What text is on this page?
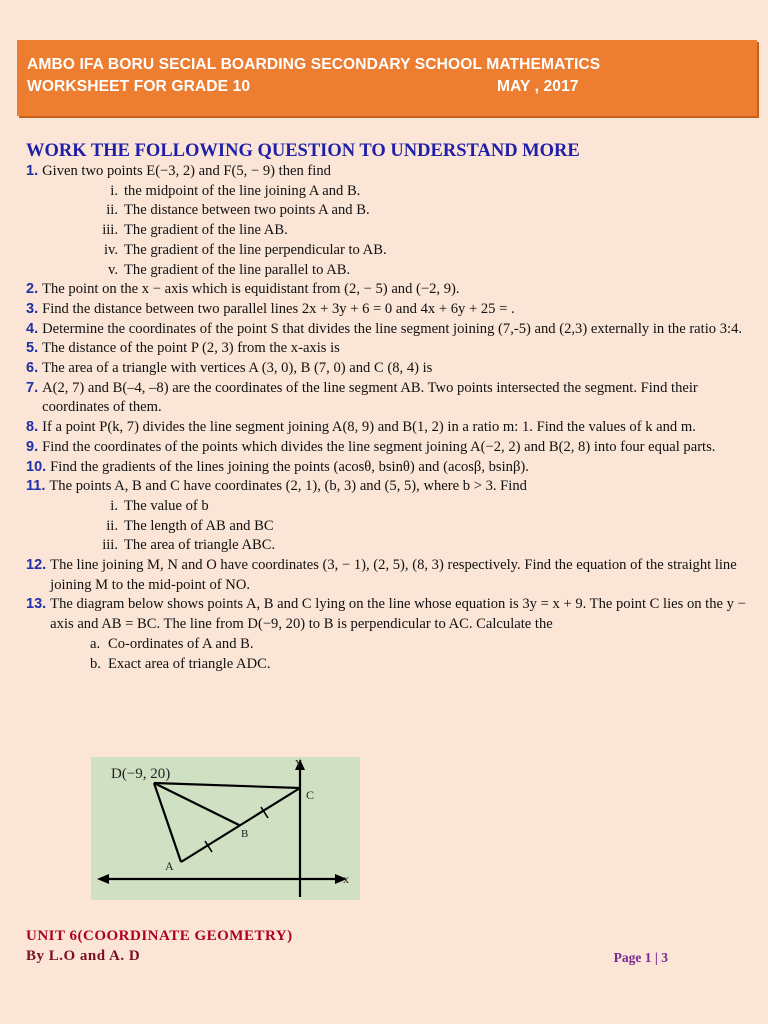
AMBO IFA BORU SECIAL BOARDING SECONDARY SCHOOL MATHEMATICS
WORKSHEET FOR GRADE 10	MAY , 2017
WORK THE FOLLOWING QUESTION TO UNDERSTAND MORE
1. Given two points E(−3, 2) and F(5, − 9) then find
i. the midpoint of the line joining A and B.
ii. The distance between two points A and B.
iii. The gradient of the line AB.
iv. The gradient of the line perpendicular to AB.
v. The gradient of the line parallel to AB.
2. The point on the x − axis which is equidistant from (2, − 5) and (−2, 9).
3. Find the distance between two parallel lines 2x + 3y + 6 = 0 and 4x + 6y + 25 = .
4. Determine the coordinates of the point S that divides the line segment joining (7,-5) and (2,3) externally in the ratio 3:4.
5. The distance of the point P (2, 3) from the x-axis is
6. The area of a triangle with vertices A (3, 0), B (7, 0) and C (8, 4) is
7. A(2, 7) and B(–4, –8) are the coordinates of the line segment AB. Two points intersected the segment. Find their coordinates of them.
8. If a point P(k, 7) divides the line segment joining A(8, 9) and B(1, 2) in a ratio m: 1. Find the values of k and m.
9. Find the coordinates of the points which divides the line segment joining A(−2, 2) and B(2, 8) into four equal parts.
10. Find the gradients of the lines joining the points (acosθ, bsinθ) and (acosβ, bsinβ).
11. The points A, B and C have coordinates (2, 1), (b, 3) and (5, 5), where b > 3. Find
i. The value of b
ii. The length of AB and BC
iii. The area of triangle ABC.
12. The line joining M, N and O have coordinates (3, − 1), (2, 5), (8, 3) respectively. Find the equation of the straight line joining M to the mid-point of NO.
13. The diagram below shows points A, B and C lying on the line whose equation is 3y = x + 9. The point C lies on the y − axis and AB = BC. The line from D(−9, 20) to B is perpendicular to AC. Calculate the
a. Co-ordinates of A and B.
b. Exact area of triangle ADC.
D(−9, 20)
Y
C
B
A
x
UNIT 6(COORDINATE GEOMETRY)
By L.O and A. D	Page 1 | 3
